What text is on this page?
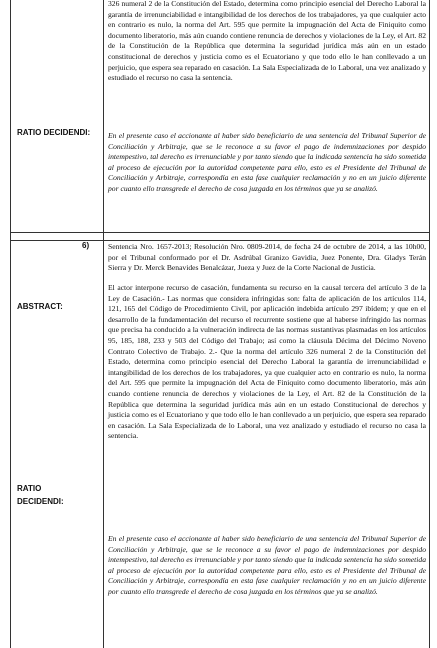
326 numeral 2 de la Constitución del Estado, determina como principio esencial del Derecho Laboral la garantía de irrenunciabilidad e intangibilidad de los derechos de los trabajadores, ya que cualquier acto en contrario es nulo, la norma del Art. 595 que permite la impugnación del Acta de Finiquito como documento liberatorio, más aún cuando contiene renuncia de derechos y violaciones de la Ley, el Art. 82 de la Constitución de la República que determina la seguridad jurídica más aún en un estado constitucional de derechos y justicia como es el Ecuatoriano y que todo ello le han conllevado a un perjuicio, que espera sea reparado en casación. La Sala Especializada de lo Laboral, una vez analizado y estudiado el recurso no casa la sentencia.
RATIO DECIDENDI: En el presente caso el accionante al haber sido beneficiario de una sentencia del Tribunal Superior de Conciliación y Arbitraje, que se le reconoce a su favor el pago de indemnizaciones por despido intempestivo, tal derecho es irrenunciable y por tanto siendo que la indicada sentencia ha sido sometida al proceso de ejecución por la autoridad competente para ello, esto es el Presidente del Tribunal de Conciliación y Arbitraje, correspondía en esta fase cualquier reclamación y no en un juicio diferente por cuanto ello transgrede el derecho de cosa juzgada en los términos que ya se analizó.
6) Sentencia Nro. 1657-2013; Resolución Nro. 0809-2014, de fecha 24 de octubre de 2014, a las 10h00, por el Tribunal conformado por el Dr. Asdrúbal Granizo Gavidia, Juez Ponente, Dra. Gladys Terán Sierra y Dr. Merck Benavides Benalcázar, Jueza y Juez de la Corte Nacional de Justicia.
ABSTRACT:
El actor interpone recurso de casación, fundamenta su recurso en la causal tercera del artículo 3 de la Ley de Casación.- Las normas que considera infringidas son: falta de aplicación de los artículos 114, 121, 165 del Código de Procedimiento Civil, por aplicación indebida artículo 297 ibídem; y que en el desarrollo de la fundamentación del recurso el recurrente sostiene que al haberse infringido las normas que precisa ha conducido a la vulneración indirecta de las normas sustantivas plasmadas en los artículos 95, 185, 188, 233 y 503 del Código del Trabajo; así como la cláusula Décima del Décimo Noveno Contrato Colectivo de Trabajo. 2.- Que la norma del artículo 326 numeral 2 de la Constitución del Estado, determina como principio esencial del Derecho Laboral la garantía de irrenunciabilidad e intangibilidad de los derechos de los trabajadores, ya que cualquier acto en contrario es nulo, la norma del Art. 595 que permite la impugnación del Acta de Finiquito como documento liberatorio, más aún cuando contiene renuncia de derechos y violaciones de la Ley, el Art. 82 de la Constitución de la República que determina la seguridad jurídica más aún en un estado Constitucional de derechos y justicia como es el Ecuatoriano y que todo ello le han conllevado a un perjuicio, que espera sea reparado en casación. La Sala Especializada de lo Laboral, una vez analizado y estudiado el recurso no casa la sentencia.
RATIO
DECIDENDI:
En el presente caso el accionante al haber sido beneficiario de una sentencia del Tribunal Superior de Conciliación y Arbitraje, que se le reconoce a su favor el pago de indemnizaciones por despido intempestivo, tal derecho es irrenunciable y por tanto siendo que la indicada sentencia ha sido sometida al proceso de ejecución por la autoridad competente para ello, esto es el Presidente del Tribunal de Conciliación y Arbitraje, correspondía en esta fase cualquier reclamación y no en un juicio diferente por cuanto ello transgrede el derecho de cosa juzgada en los términos que ya se analizó.
